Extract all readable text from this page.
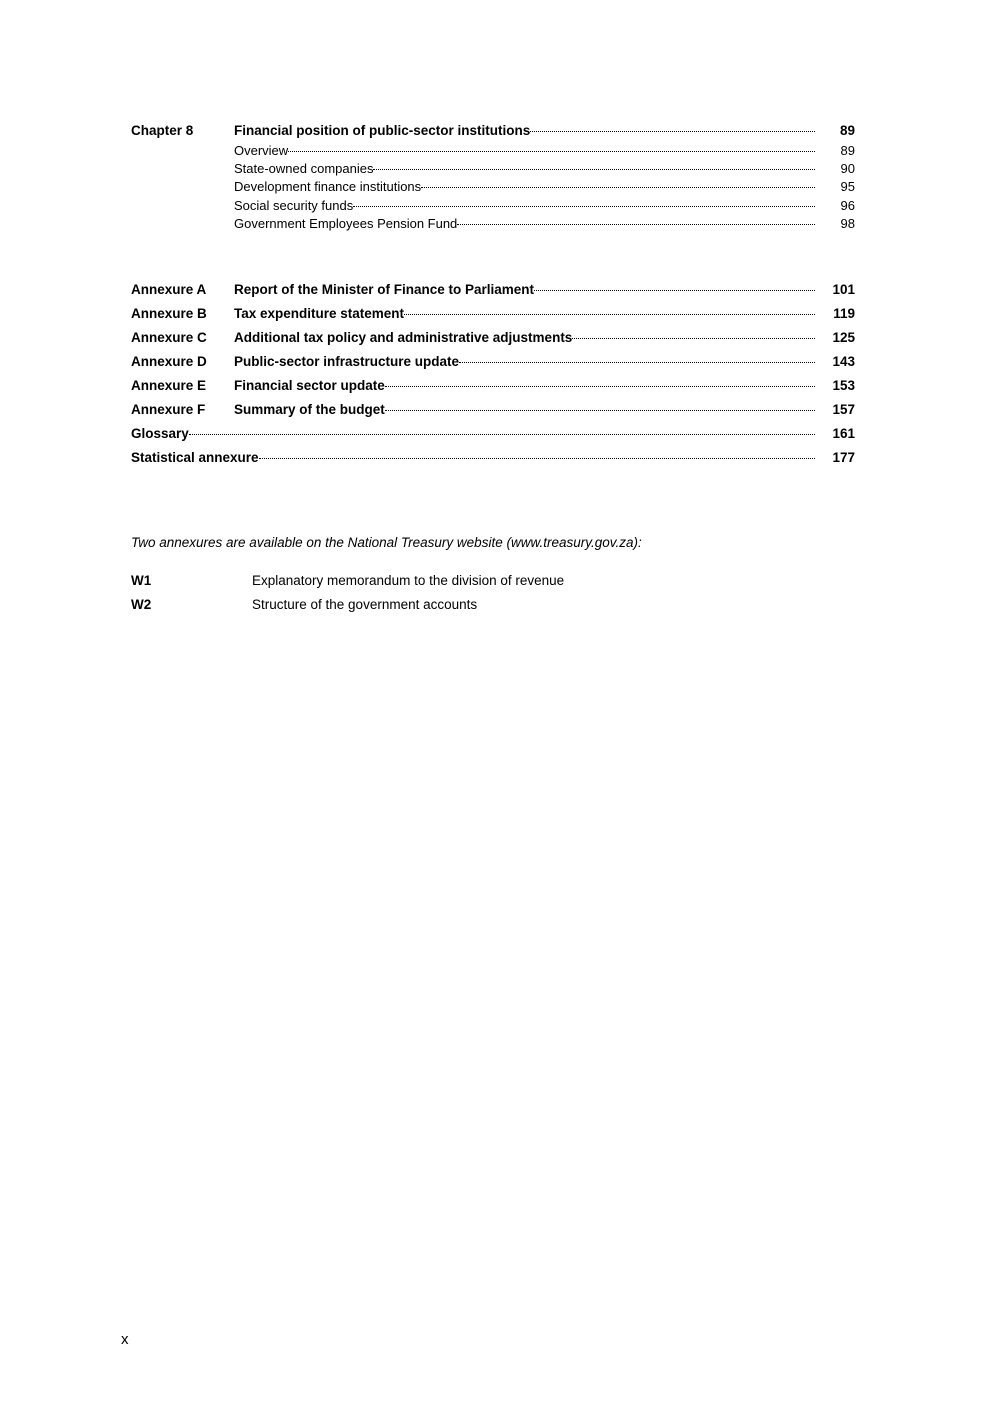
Chapter 8	Financial position of public-sector institutions	89
Overview	89
State-owned companies	90
Development finance institutions	95
Social security funds	96
Government Employees Pension Fund	98
Annexure A	Report of the Minister of Finance to Parliament	101
Annexure B	Tax expenditure statement	119
Annexure C	Additional tax policy and administrative adjustments	125
Annexure D	Public-sector infrastructure update	143
Annexure E	Financial sector update	153
Annexure F	Summary of the budget	157
Glossary	161
Statistical annexure	177
Two annexures are available on the National Treasury website (www.treasury.gov.za):
W1	Explanatory memorandum to the division of revenue
W2	Structure of the government accounts
x
